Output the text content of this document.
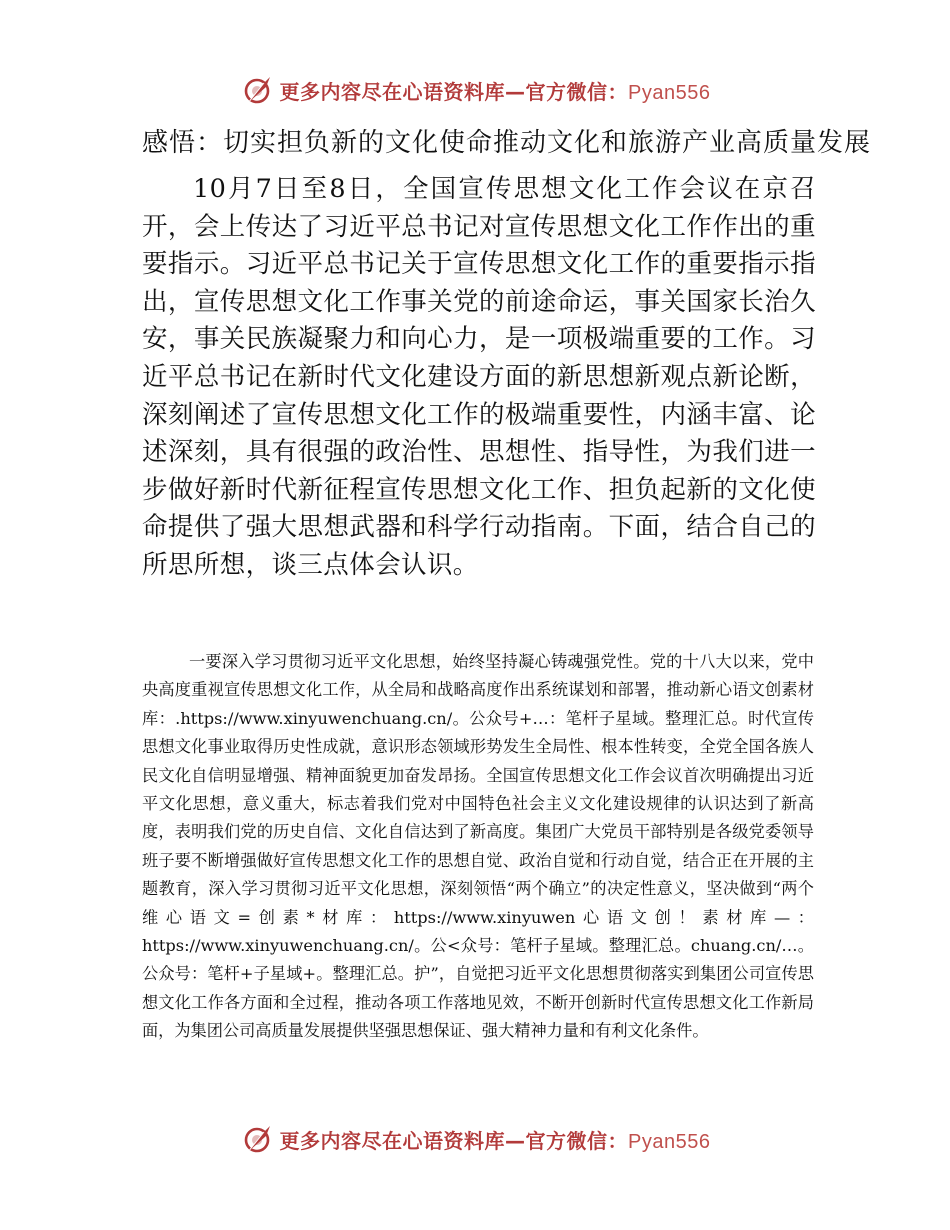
更多内容尽在心语资料库—官方微信：Pyan556
感悟：切实担负新的文化使命推动文化和旅游产业高质量发展

10月7日至8日，全国宣传思想文化工作会议在京召开，会上传达了习近平总书记对宣传思想文化工作作出的重要指示。习近平总书记关于宣传思想文化工作的重要指示指出，宣传思想文化工作事关党的前途命运，事关国家长治久安，事关民族凝聚力和向心力，是一项极端重要的工作。习近平总书记在新时代文化建设方面的新思想新观点新论断，深刻阐述了宣传思想文化工作的极端重要性，内涵丰富、论述深刻，具有很强的政治性、思想性、指导性，为我们进一步做好新时代新征程宣传思想文化工作、担负起新的文化使命提供了强大思想武器和科学行动指南。下面，结合自己的所思所想，谈三点体会认识。

一要深入学习贯彻习近平文化思想，始终坚持凝心铸魂强党性。党的十八大以来，党中央高度重视宣传思想文化工作，从全局和战略高度作出系统谋划和部署，推动新心语文创素材库：.https://www.xinyuwenchuang.cn/。公众号+…：笔杆子星域。整理汇总。时代宣传思想文化事业取得历史性成就，意识形态领域形势发生全局性、根本性转变，全党全国各族人民文化自信明显增强、精神面貌更加奋发昂扬。全国宣传思想文化工作会议首次明确提出习近平文化思想，意义重大，标志着我们党对中国特色社会主义文化建设规律的认识达到了新高度，表明我们党的历史自信、文化自信达到了新高度。集团广大党员干部特别是各级党委领导班子要不断增强做好宣传思想文化工作的思想自觉、政治自觉和行动自觉，结合正在开展的主题教育，深入学习贯彻习近平文化思想，深刻领悟“两个确立”的决定性意义，坚决做到“两个维心语文=创素*材库：https://www.xinyuwen心语文创！素材库—：https://www.xinyuwenchuang.cn/。公<众号：笔杆子星域。整理汇总。chuang.cn/…。公众号：笔杆+子星域+。整理汇总。护”，自觉把习近平文化思想贯彻落实到集团公司宣传思想文化工作各方面和全过程，推动各项工作落地见效，不断开创新时代宣传思想文化工作新局面，为集团公司高质量发展提供坚强思想保证、强大精神力量和有利文化条件。

更多内容尽在心语资料库—官方微信：Pyan556
